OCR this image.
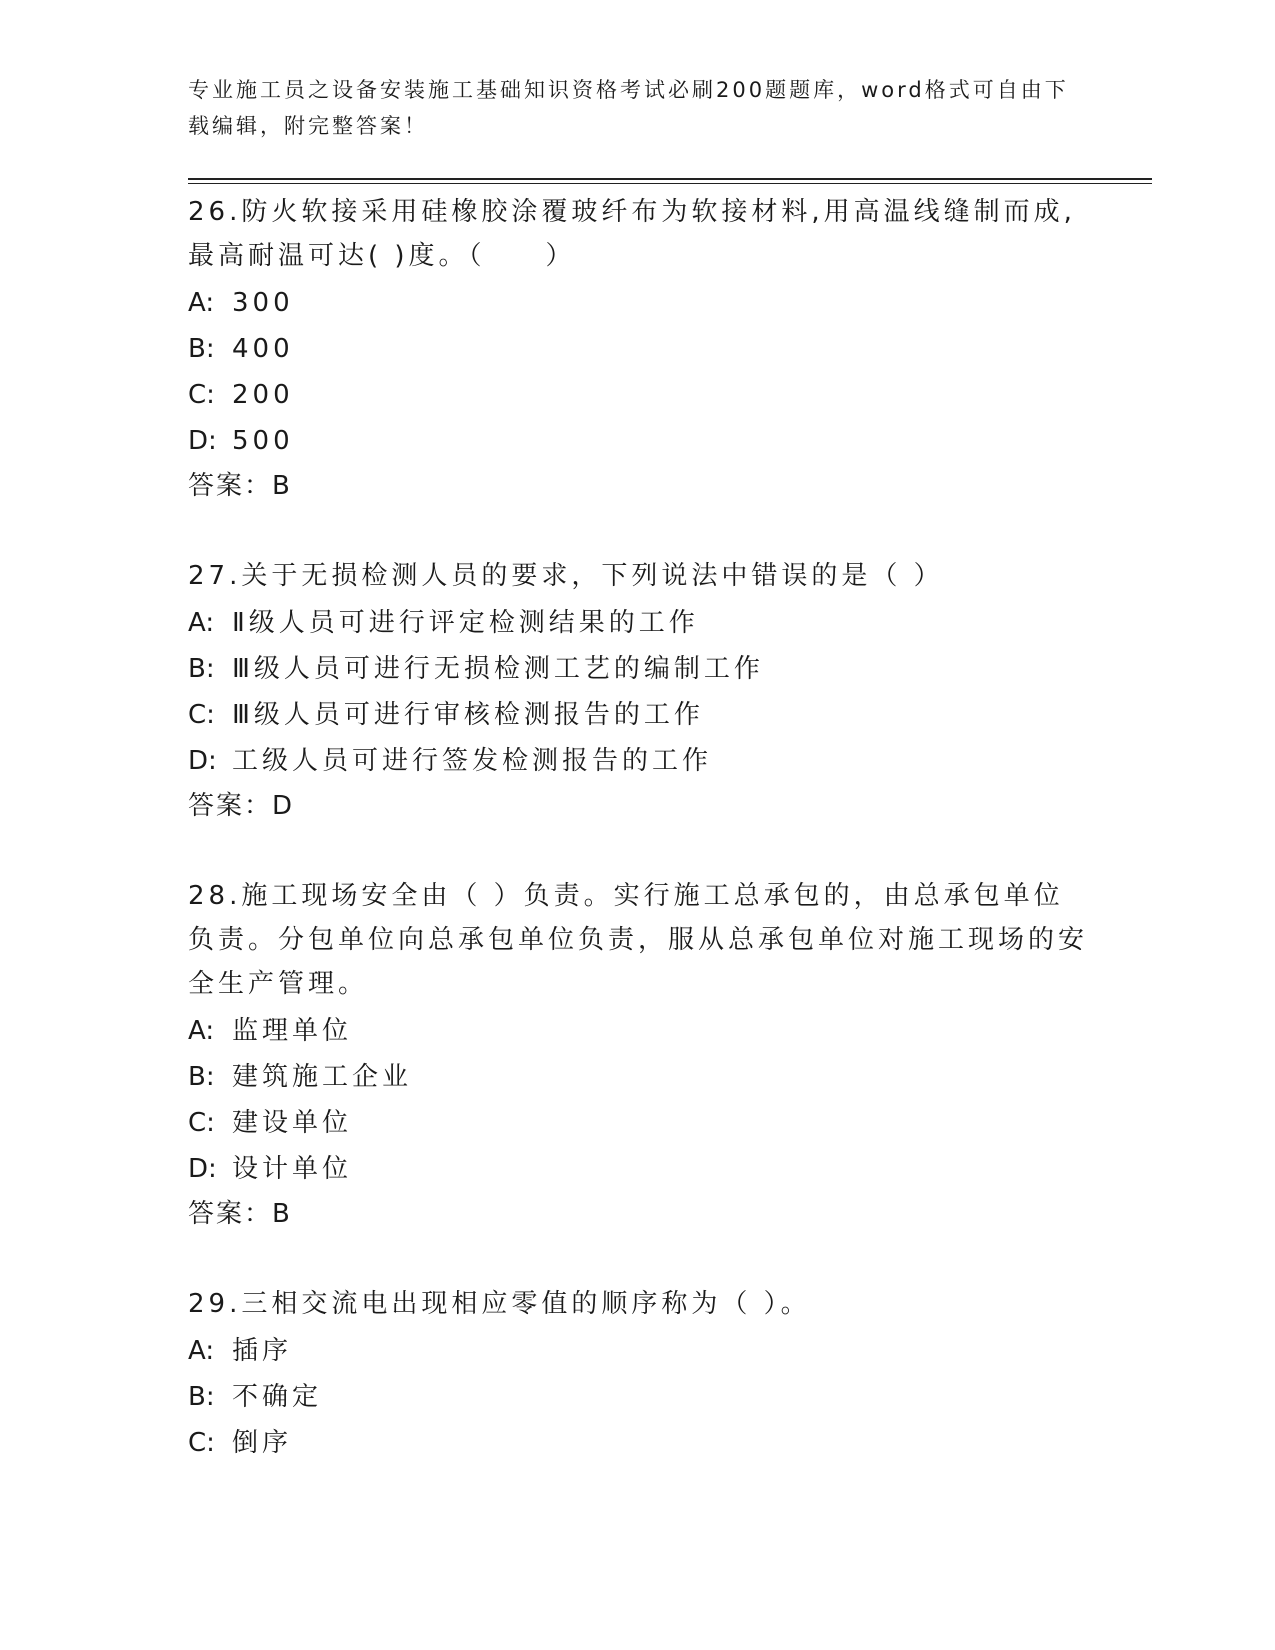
专业施工员之设备安装施工基础知识资格考试必刷200题题库，word格式可自由下载编辑，附完整答案！
26.防火软接采用硅橡胶涂覆玻纤布为软接材料,用高温线缝制而成,最高耐温可达( )度。（　　）
A: 300
B: 400
C: 200
D: 500
答案：B
27.关于无损检测人员的要求，下列说法中错误的是（ ）
A: Ⅱ级人员可进行评定检测结果的工作
B: Ⅲ级人员可进行无损检测工艺的编制工作
C: Ⅲ级人员可进行审核检测报告的工作
D: 工级人员可进行签发检测报告的工作
答案：D
28.施工现场安全由（ ）负责。实行施工总承包的，由总承包单位负责。分包单位向总承包单位负责，服从总承包单位对施工现场的安全生产管理。
A: 监理单位
B: 建筑施工企业
C: 建设单位
D: 设计单位
答案：B
29.三相交流电出现相应零值的顺序称为（ ）。
A: 插序
B: 不确定
C: 倒序
